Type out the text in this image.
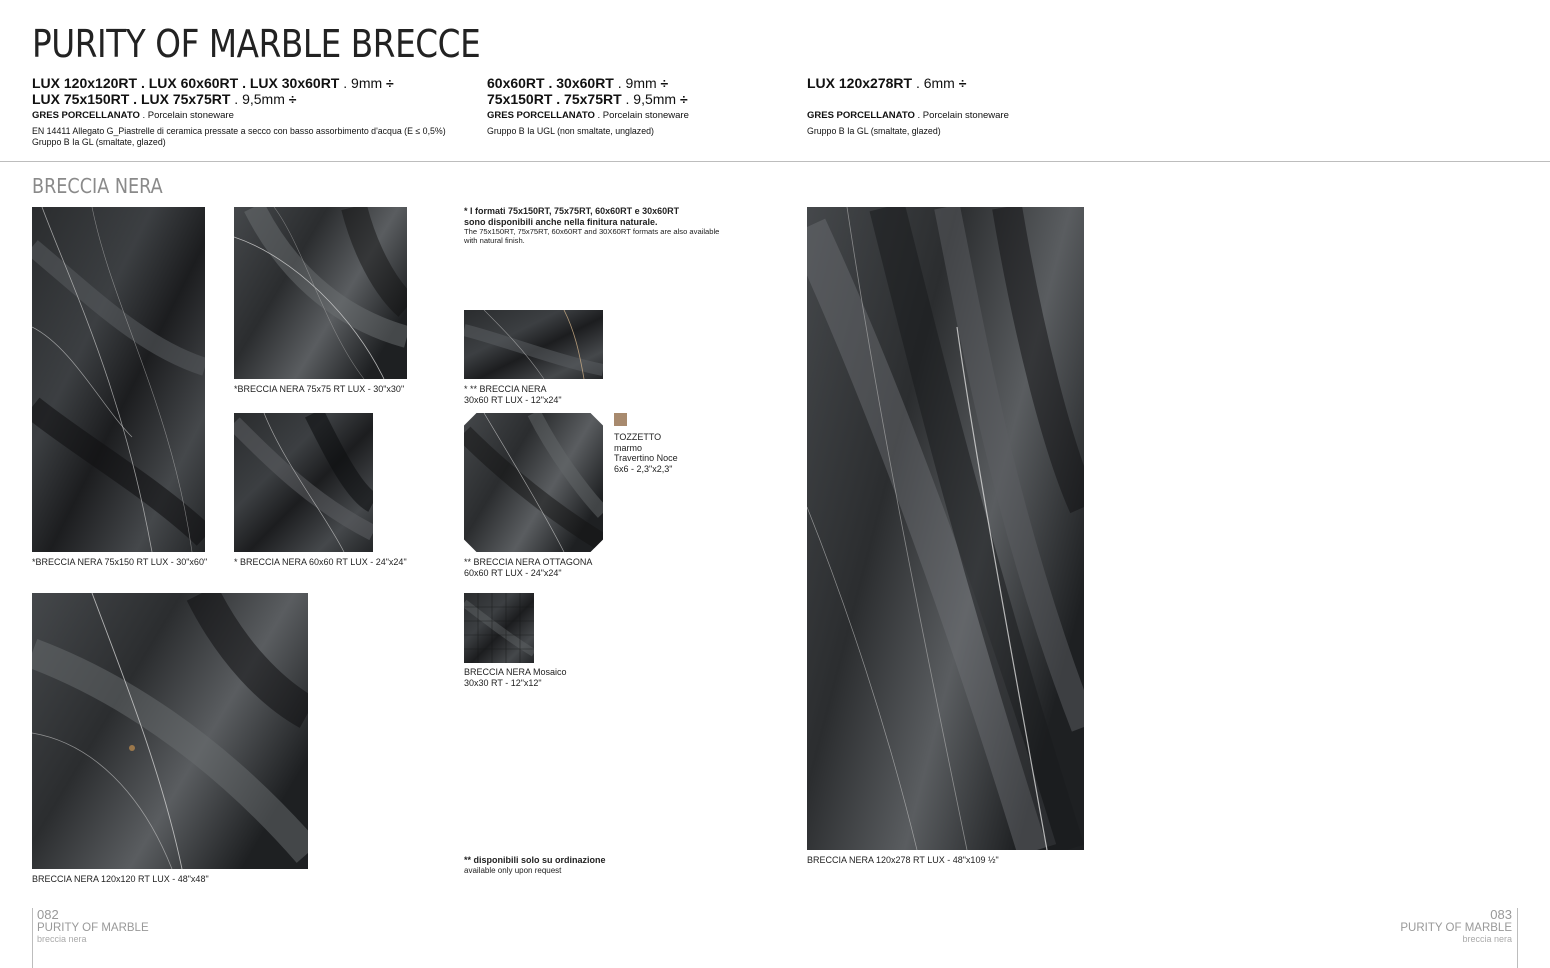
PURITY OF MARBLE BRECCE
LUX 120x120RT . LUX 60x60RT . LUX 30x60RT . 9mm ÷
LUX 75x150RT . LUX 75x75RT . 9,5mm ÷
GRES PORCELLANATO . Porcelain stoneware
EN 14411 Allegato G_Piastrelle di ceramica pressate a secco con basso assorbimento d'acqua (E ≤ 0,5%)
Gruppo B Ia GL (smaltate, glazed)
60x60RT . 30x60RT . 9mm ÷
75x150RT . 75x75RT . 9,5mm ÷
GRES PORCELLANATO . Porcelain stoneware
Gruppo B Ia UGL (non smaltate, unglazed)
LUX 120x278RT . 6mm ÷
GRES PORCELLANATO . Porcelain stoneware
Gruppo B Ia GL (smaltate, glazed)
BRECCIA NERA
*BRECCIA NERA 75x150 RT LUX - 30"x60"
*BRECCIA NERA 75x75 RT LUX - 30"x30"
* BRECCIA NERA 60x60 RT LUX - 24"x24"
BRECCIA NERA 120x120 RT LUX - 48"x48"
* I formati 75x150RT, 75x75RT, 60x60RT e 30x60RT
sono disponibili anche nella finitura naturale.
The 75x150RT, 75x75RT, 60x60RT and 30X60RT formats are also available
with natural finish.
* ** BRECCIA NERA
30x60 RT LUX - 12"x24"
** BRECCIA NERA OTTAGONA
60x60 RT LUX - 24"x24"
TOZZETTO
marmo
Travertino Noce
6x6 - 2,3"x2,3"
BRECCIA NERA Mosaico
30x30 RT - 12"x12"
** disponibili solo su ordinazione
available only upon request
BRECCIA NERA 120x278 RT LUX - 48"x109 ½"
082
PURITY OF MARBLE
breccia nera
083
PURITY OF MARBLE
breccia nera
